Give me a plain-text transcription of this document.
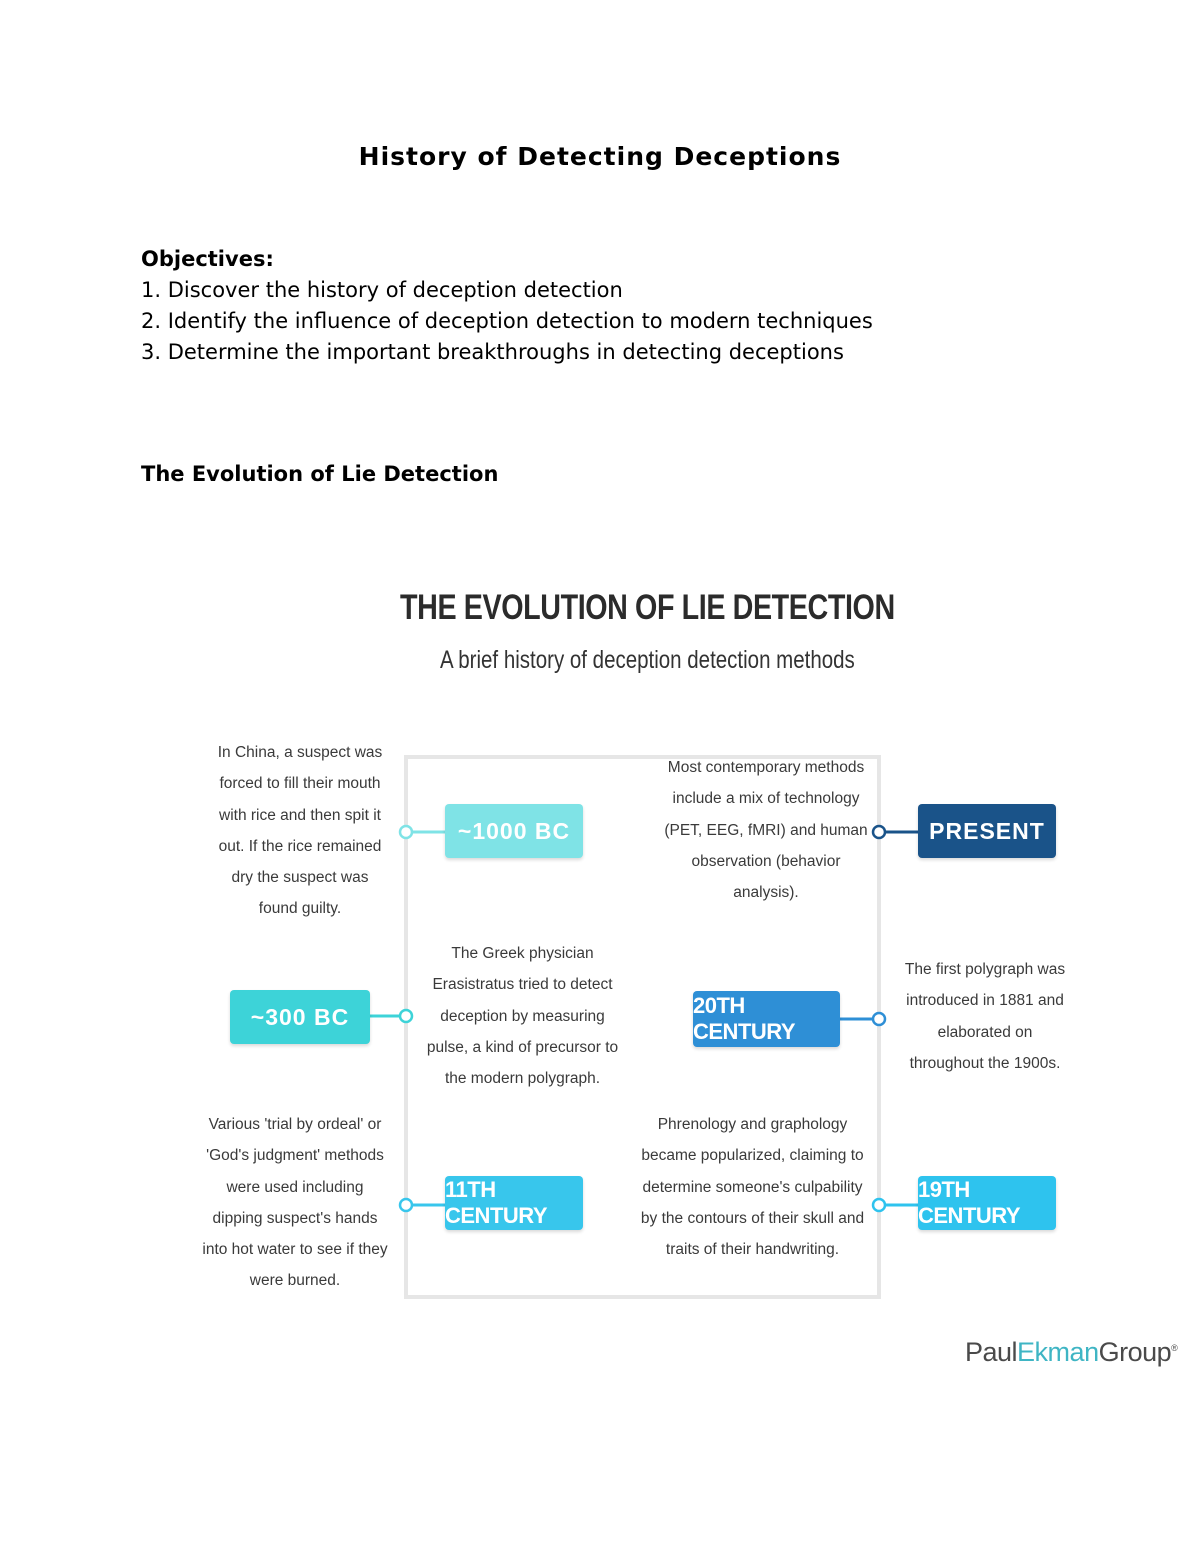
History of Detecting Deceptions
Objectives:
1. Discover the history of deception detection
2. Identify the influence of deception detection to modern techniques
3. Determine the important breakthroughs in detecting deceptions
The Evolution of Lie Detection
THE EVOLUTION OF LIE DETECTION
A brief history of deception detection methods
~1000 BC
~300 BC
11TH CENTURY
PRESENT
20TH CENTURY
19TH CENTURY
In China, a suspect was
forced to fill their mouth
with rice and then spit it
out. If the rice remained
dry the suspect was
found guilty.
The Greek physician
Erasistratus tried to detect
deception by measuring
pulse, a kind of precursor to
the modern polygraph.
Various 'trial by ordeal' or
'God's judgment' methods
were used including
dipping suspect's hands
into hot water to see if they
were burned.
Most contemporary methods
include a mix of technology
(PET, EEG, fMRI) and human
observation (behavior
analysis).
The first polygraph was
introduced in 1881 and
elaborated on
throughout the 1900s.
Phrenology and graphology
became popularized, claiming to
determine someone's culpability
by the contours of their skull and
traits of their handwriting.
PaulEkmanGroup®
